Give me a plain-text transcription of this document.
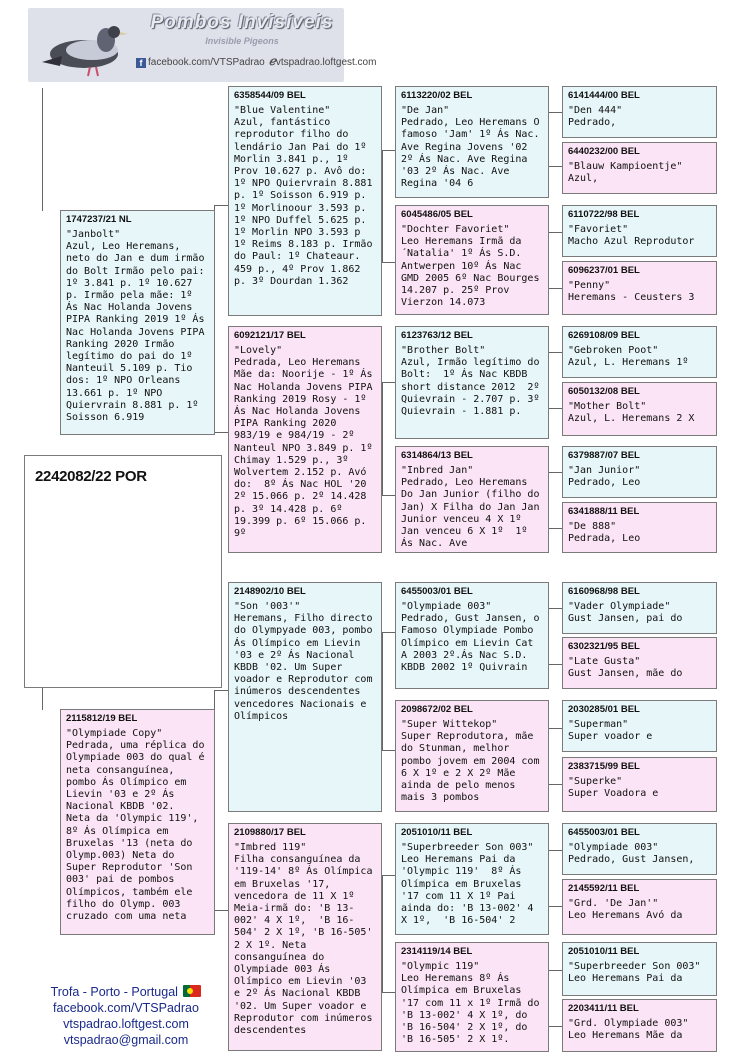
Pombos Invisíveis
Invisible Pigeons
f facebook.com/VTSPadrao ℯvtspadrao.loftgest.com
2242082/22 POR
1747237/21 NL
"Janbolt"
Azul, Leo Heremans, neto do Jan e dum irmão do Bolt Irmão pelo pai: 1º 3.841 p. 1º 10.627 p. Irmão pela mãe: 1º Ás Nac Holanda Jovens PIPA Ranking 2019 1º Ás Nac Holanda Jovens PIPA Ranking 2020 Irmão legítimo do pai do 1º Nanteuil 5.109 p. Tio dos: 1º NPO Orleans 13.661 p. 1º NPO Quiervrain 8.881 p. 1º Soisson 6.919
2115812/19 BEL
"Olympiade Copy"
Pedrada, uma réplica do Olympiade 003 do qual é neta consanguínea, pombo Ás Olímpico em Lievin '03 e 2º Ás Nacional KBDB '02.  Neta da 'Olympic 119', 8º Ás Olímpica em Bruxelas '13 (neta do Olymp.003) Neta do Super Reprodutor 'Son 003' pai de pombos Olímpicos, também ele filho do Olymp. 003 cruzado com uma neta
6358544/09 BEL
"Blue Valentine"
Azul, fantástico reprodutor filho do lendário Jan Pai do 1º Morlin 3.841 p., 1º Prov 10.627 p. Avô do: 1º NPO Quiervrain 8.881 p. 1º Soisson 6.919 p. 1º Morlinoour 3.593 p. 1º NPO Duffel 5.625 p. 1º Morlin NPO 3.593 p 1º Reims 8.183 p. Irmão do Paul: 1º Chateaur. 459 p., 4º Prov 1.862 p. 3º Dourdan 1.362
6092121/17 BEL
"Lovely"
Pedrada, Leo Heremans Mãe da: Noorije - 1º Ás Nac Holanda Jovens PIPA Ranking 2019 Rosy - 1º Ás Nac Holanda Jovens PIPA Ranking 2020 983/19 e 984/19 - 2º Nanteul NPO 3.849 p. 1º Chimay 1.529 p., 3º Wolvertem 2.152 p. Avó do:  8º Ás Nac HOL '20 2º 15.066 p. 2º 14.428 p. 3º 14.428 p. 6º 19.399 p. 6º 15.066 p. 9º
2148902/10 BEL
"Son '003'"
Heremans, Filho directo do Olympyade 003, pombo Ás Olímpico em Lievin '03 e 2º Ás Nacional KBDB '02. Um Super voador e Reprodutor com inúmeros descendentes vencedores Nacionais e Olímpicos
2109880/17 BEL
"Imbred 119"
Filha consanguínea da '119-14' 8º Ás Olímpica em Bruxelas '17, vencedora de 11 X 1º Meia-irmã do: 'B 13-002' 4 X 1º,  'B 16-504' 2 X 1º, 'B 16-505' 2 X 1º. Neta consanguínea do Olympiade 003 Ás Olímpico em Lievin '03 e 2º Ás Nacional KBDB '02. Um Super voador e Reprodutor com inúmeros descendentes
6113220/02 BEL
"De Jan"
Pedrado, Leo Heremans O famoso 'Jam' 1º Ás Nac. Ave Regina Jovens '02 2º Ás Nac. Ave Regina '03 2º Ás Nac. Ave Regina '04 6
6045486/05 BEL
"Dochter Favoriet"
Leo Heremans Irmã da ´Natalia' 1º Ás S.D. Antwerpen 10º Ás Nac GMD 2005 6º Nac Bourges 14.207 p. 25º Prov Vierzon 14.073
6123763/12 BEL
"Brother Bolt"
Azul, Irmão legítimo do Bolt:  1º Ás Nac KBDB short distance 2012  2º  Quievrain - 2.707 p. 3º Quievrain - 1.881 p.
6314864/13 BEL
"Inbred Jan"
Pedrado, Leo Heremans Do Jan Junior (filho do Jan) X Filha do Jan Jan Junior venceu 4 X 1º Jan venceu 6 X 1º  1º Ás Nac. Ave
6455003/01 BEL
"Olympiade 003"
Pedrado, Gust Jansen, o Famoso Olympiade Pombo Olímpico em Lievin Cat A 2003 2º.Ás Nac S.D. KBDB 2002 1º Quivrain
2098672/02 BEL
"Super Wittekop"
Super Reprodutora, mãe do Stunman, melhor pombo jovem em 2004 com 6 X 1º e 2 X 2º Mãe ainda de pelo menos mais 3 pombos
2051010/11 BEL
"Superbreeder Son 003"
Leo Heremans Pai da 'Olympic 119'  8º Ás Olímpica em Bruxelas '17 com 11 X 1º Pai ainda do: 'B 13-002' 4 X 1º,  'B 16-504' 2
2314119/14 BEL
"Olympic 119"
Leo Heremans 8º Ás Olímpica em Bruxelas '17 com 11 x 1º Irmã do 'B 13-002' 4 X 1º, do 'B 16-504' 2 X 1º, do 'B 16-505' 2 X 1º.
6141444/00 BEL
"Den 444"
Pedrado,
6440232/00 BEL
"Blauw Kampioentje"
Azul,
6110722/98 BEL
"Favoriet"
Macho Azul Reprodutor
6096237/01 BEL
"Penny"
Heremans - Ceusters 3
6269108/09 BEL
"Gebroken Poot"
Azul, L. Heremans 1º
6050132/08 BEL
"Mother Bolt"
Azul, L. Heremans 2 X
6379887/07 BEL
"Jan Junior"
Pedrado, Leo
6341888/11 BEL
"De 888"
Pedrada, Leo
6160968/98 BEL
"Vader Olympiade"
Gust Jansen, pai do
6302321/95 BEL
"Late Gusta"
Gust Jansen, mãe do
2030285/01 BEL
"Superman"
Super voador e
2383715/99 BEL
"Superke"
Super Voadora e
6455003/01 BEL
"Olympiade 003"
Pedrado, Gust Jansen,
2145592/11 BEL
"Grd. 'De Jan'"
Leo Heremans Avó da
2051010/11 BEL
"Superbreeder Son 003"
Leo Heremans Pai da
2203411/11 BEL
"Grd. Olympiade 003"
Leo Heremans Mãe da
Trofa - Porto - Portugal
facebook.com/VTSPadrao
vtspadrao.loftgest.com
vtspadrao@gmail.com
